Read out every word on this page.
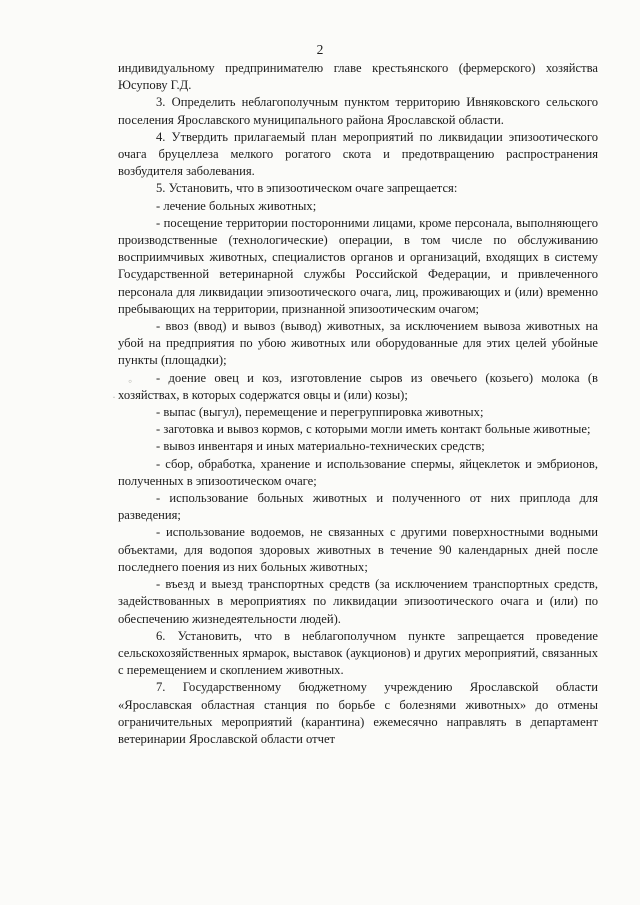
2
·
◦

индивидуальному предпринимателю главе крестьянского (фермерского) хозяйства Юсупову Г.Д.

3. Определить неблагополучным пунктом территорию Ивняковского сельского поселения Ярославского муниципального района Ярославской области.

4. Утвердить прилагаемый план мероприятий по ликвидации эпизоотического очага бруцеллеза мелкого рогатого скота и предотвращению распространения возбудителя заболевания.

5. Установить, что в эпизоотическом очаге запрещается:

- лечение больных животных;

- посещение территории посторонними лицами, кроме персонала, выполняющего производственные (технологические) операции, в том числе по обслуживанию восприимчивых животных, специалистов органов и организаций, входящих в систему Государственной ветеринарной службы Российской Федерации, и привлеченного персонала для ликвидации эпизоотического очага, лиц, проживающих и (или) временно пребывающих на территории, признанной эпизоотическим очагом;

- ввоз (ввод) и вывоз (вывод) животных, за исключением вывоза животных на убой на предприятия по убою животных или оборудованные для этих целей убойные пункты (площадки);

- доение овец и коз, изготовление сыров из овечьего (козьего) молока (в хозяйствах, в которых содержатся овцы и (или) козы);

- выпас (выгул), перемещение и перегруппировка животных;

- заготовка и вывоз кормов, с которыми могли иметь контакт больные животные;

- вывоз инвентаря и иных материально-технических средств;

- сбор, обработка, хранение и использование спермы, яйцеклеток и эмбрионов, полученных в эпизоотическом очаге;

- использование больных животных и полученного от них приплода для разведения;

- использование водоемов, не связанных с другими поверхностными водными объектами, для водопоя здоровых животных в течение 90 календарных дней после последнего поения из них больных животных;

- въезд и выезд транспортных средств (за исключением транспортных средств, задействованных в мероприятиях по ликвидации эпизоотического очага и (или) по обеспечению жизнедеятельности людей).

6. Установить, что в неблагополучном пункте запрещается проведение сельскохозяйственных ярмарок, выставок (аукционов) и других мероприятий, связанных с перемещением и скоплением животных.

7. Государственному бюджетному учреждению Ярославской области «Ярославская областная станция по борьбе с болезнями животных» до отмены ограничительных мероприятий (карантина) ежемесячно направлять в департамент ветеринарии Ярославской области отчет
